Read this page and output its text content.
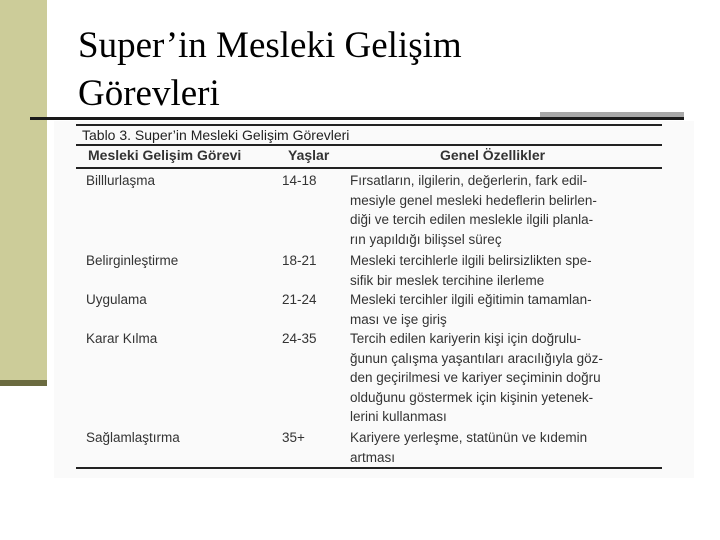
Super’in Mesleki Gelişim
Görevleri
Tablo 3. Super’in Mesleki Gelişim Görevleri
Mesleki Gelişim Görevi	Yaşlar	Genel Özellikler
Billlurlaşma	14-18 Fırsatların, ilgilerin, değerlerin, fark edil-
mesiyle genel mesleki hedeflerin belirlen-
diği ve tercih edilen meslekle ilgili planla-
rın yapıldığı bilişsel süreç
Belirginleştirme	18-21 Mesleki tercihlerle ilgili belirsizlikten spe-
sifik bir meslek tercihine ilerleme
Uygulama	21-24 Mesleki tercihler ilgili eğitimin tamamlan-
ması ve işe giriş
Karar Kılma	24-35 Tercih edilen kariyerin kişi için doğrulu-
ğunun çalışma yaşantıları aracılığıyla göz-
den geçirilmesi ve kariyer seçiminin doğru
olduğunu göstermek için kişinin yetenek-
lerini kullanması
Sağlamlaştırma	35+	Kariyere yerleşme, statünün ve kıdemin
artması
